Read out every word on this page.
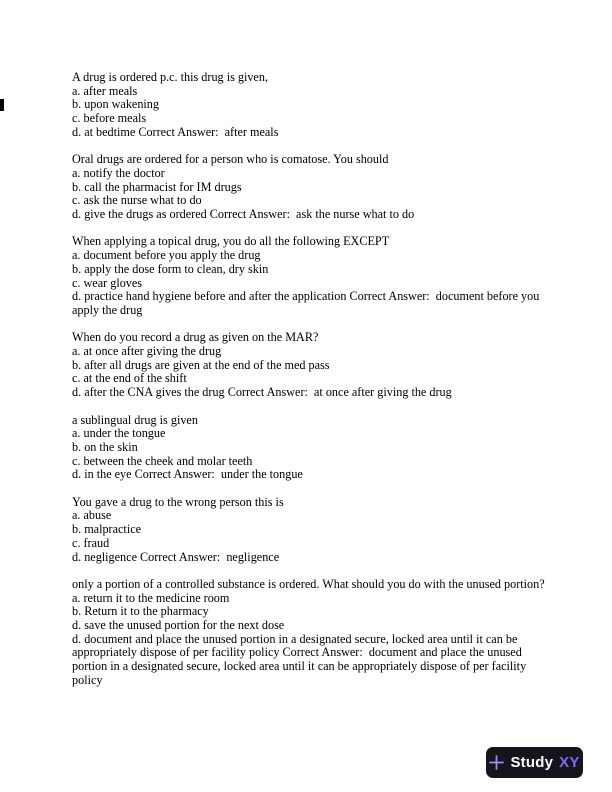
A drug is ordered p.c. this drug is given,
a. after meals
b. upon wakening
c. before meals
d. at bedtime Correct Answer:  after meals
Oral drugs are ordered for a person who is comatose. You should
a. notify the doctor
b. call the pharmacist for IM drugs
c. ask the nurse what to do
d. give the drugs as ordered Correct Answer:  ask the nurse what to do
When applying a topical drug, you do all the following EXCEPT
a. document before you apply the drug
b. apply the dose form to clean, dry skin
c. wear gloves
d. practice hand hygiene before and after the application Correct Answer:  document before you
apply the drug
When do you record a drug as given on the MAR?
a. at once after giving the drug
b. after all drugs are given at the end of the med pass
c. at the end of the shift
d. after the CNA gives the drug Correct Answer:  at once after giving the drug
a sublingual drug is given
a. under the tongue
b. on the skin
c. between the cheek and molar teeth
d. in the eye Correct Answer:  under the tongue
You gave a drug to the wrong person this is
a. abuse
b. malpractice
c. fraud
d. negligence Correct Answer:  negligence
only a portion of a controlled substance is ordered. What should you do with the unused portion?
a. return it to the medicine room
b. Return it to the pharmacy
d. save the unused portion for the next dose
d. document and place the unused portion in a designated secure, locked area until it can be
appropriately dispose of per facility policy Correct Answer:  document and place the unused
portion in a designated secure, locked area until it can be appropriately dispose of per facility
policy
Study XY
